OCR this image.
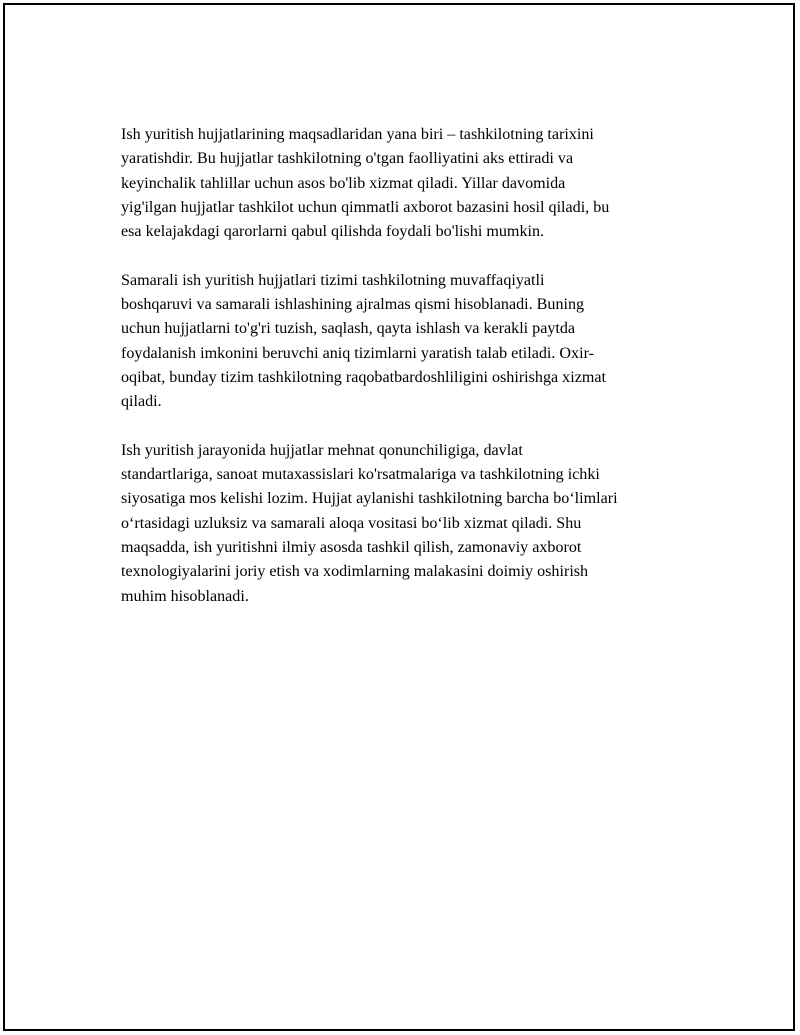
Ish yuritish hujjatlarining maqsadlaridan yana biri – tashkilotning tarixini
yaratishdir. Bu hujjatlar tashkilotning o'tgan faolliyatini aks ettiradi va
keyinchalik tahlillar uchun asos bo'lib xizmat qiladi. Yillar davomida
yig'ilgan hujjatlar tashkilot uchun qimmatli axborot bazasini hosil qiladi, bu
esa kelajakdagi qarorlarni qabul qilishda foydali bo'lishi mumkin.

Samarali ish yuritish hujjatlari tizimi tashkilotning muvaffaqiyatli
boshqaruvi va samarali ishlashining ajralmas qismi hisoblanadi. Buning
uchun hujjatlarni to'g'ri tuzish, saqlash, qayta ishlash va kerakli paytda
foydalanish imkonini beruvchi aniq tizimlarni yaratish talab etiladi. Oxir-
oqibat, bunday tizim tashkilotning raqobatbardoshliligini oshirishga xizmat
qiladi.

Ish yuritish jarayonida hujjatlar mehnat qonunchiligiga, davlat
standartlariga, sanoat mutaxassislari ko'rsatmalariga va tashkilotning ichki
siyosatiga mos kelishi lozim. Hujjat aylanishi tashkilotning barcha bo‘limlari
o‘rtasidagi uzluksiz va samarali aloqa vositasi bo‘lib xizmat qiladi. Shu
maqsadda, ish yuritishni ilmiy asosda tashkil qilish, zamonaviy axborot
texnologiyalarini joriy etish va xodimlarning malakasini doimiy oshirish
muhim hisoblanadi.
